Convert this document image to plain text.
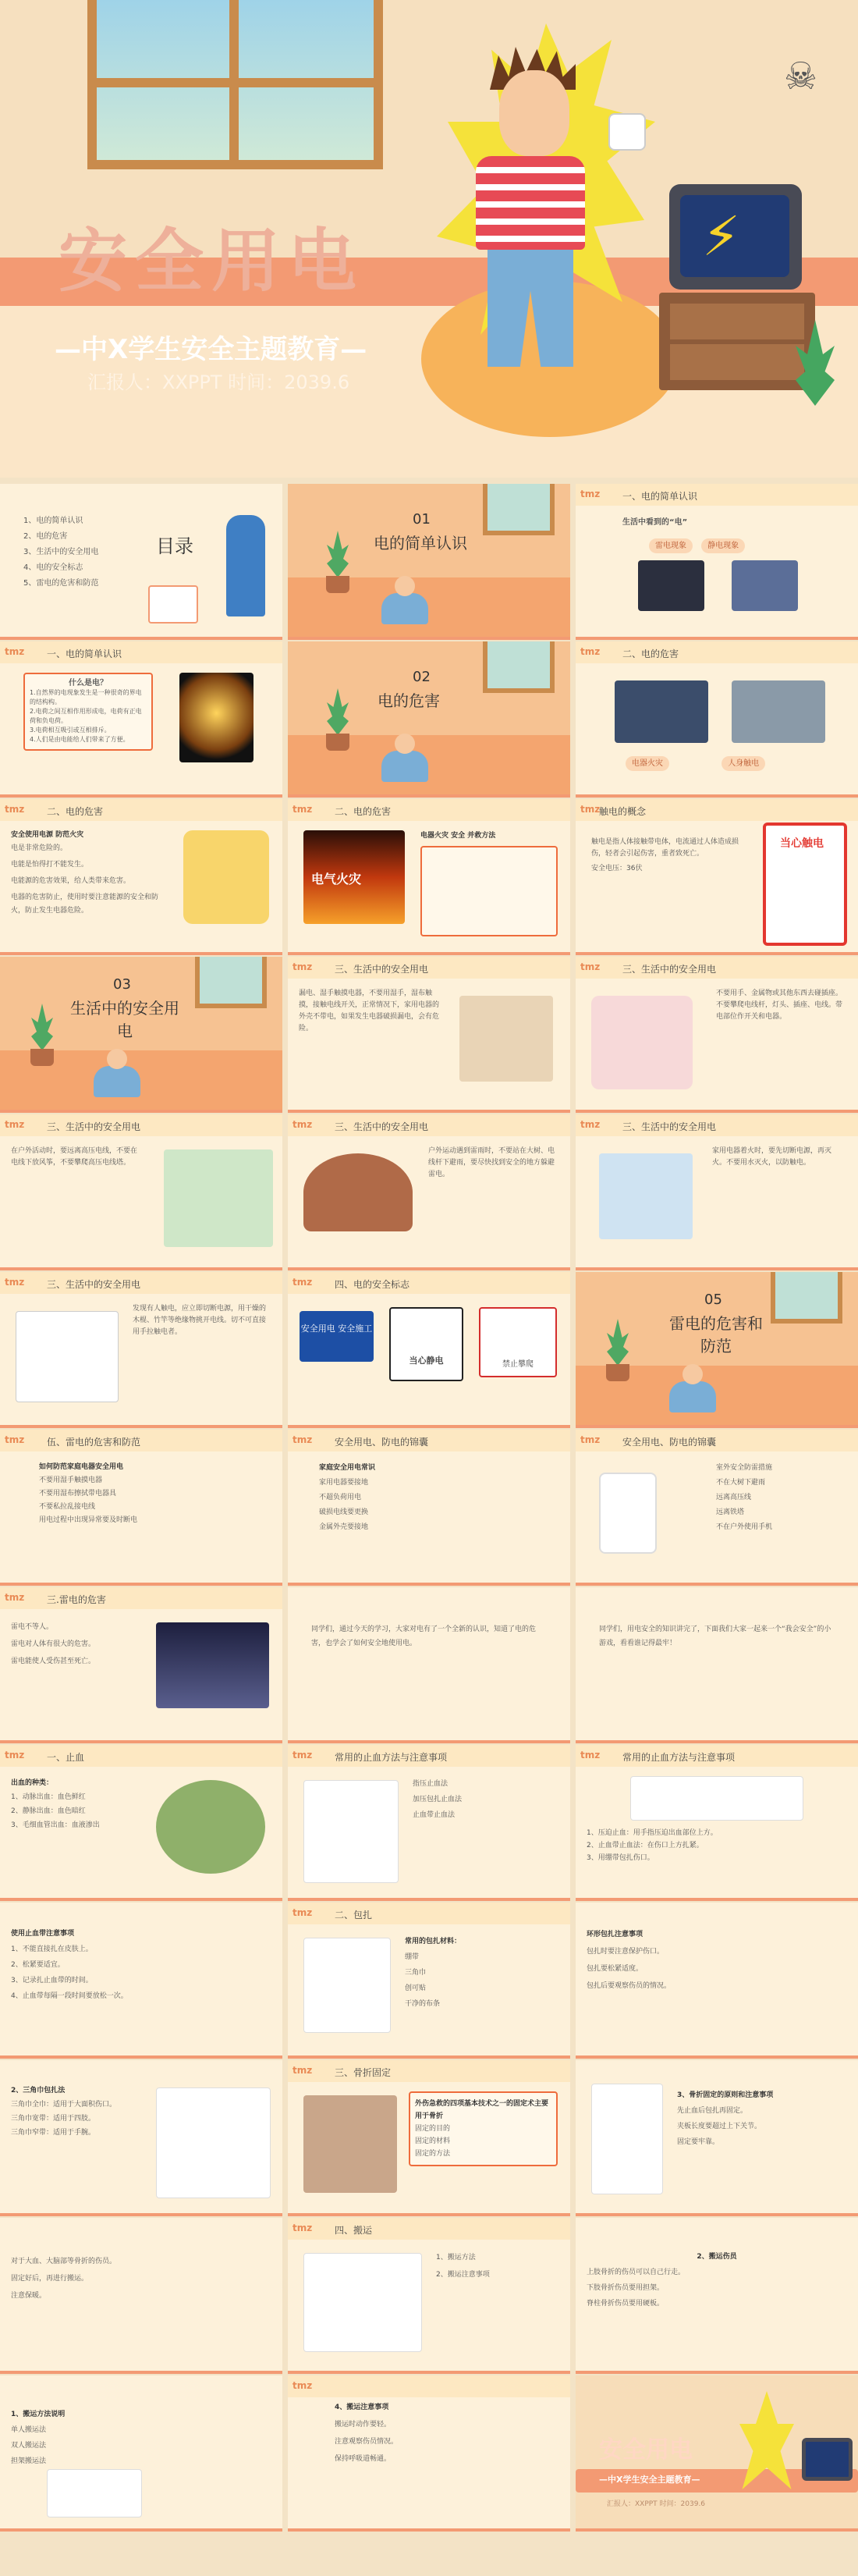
☠
⚡
安全用电
—中X学生安全主题教育—
汇报人：XXPPT 时间：2039.6
1、电的简单认识
2、电的危害
3、生活中的安全用电
4、电的安全标志
5、雷电的危害和防范
目录
01
电的简单认识
tmz 一、电的简单认识
生活中看到的“电”
雷电现象	静电现象
tmz 一、电的简单认识
什么是电？
1.自然界的电现象发生是一种很奇的界电的结构构。
2.电荷之间互相作用形成电，电荷有正电荷和负电荷。
3.电荷相互吸引或互相排斥。
4.人们是由电能给人们带来了方便。
02
电的危害
tmz 二、电的危害
电器火灾	人身触电
tmz 二、电的危害
安全使用电源 防范火灾
电是非常危险的。
电能是怕得打不能发生。
电能源的危害效果，给人类带来危害。
电器的危害防止，使用时要注意能源的安全和防火，防止发生电器危险。
tmz 二、电的危害
电气火灾
电器火灾 安全 并救方法
tmz
触电的概念
触电是指人体接触带电体，电流通过人体造成损伤，轻者会引起伤害，重者致死亡。
安全电压：36伏
当心触电
03
生活中的安全用电
tmz 三、生活中的安全用电
漏电、湿手触摸电器，不要用湿手，湿布触摸，接触电线开关，正常情况下，家用电器的外壳不带电，如果发生电器破损漏电，会有危险。
tmz 三、生活中的安全用电
不要用手、金属物或其他东西去碰插座。不要攀爬电线杆，灯头、插座、电线。带电部位作开关和电器。
tmz 三、生活中的安全用电
在户外活动时，要远离高压电线，不要在电线下放风筝，不要攀爬高压电线塔。
tmz 三、生活中的安全用电
户外运动遇到雷雨时，不要站在大树、电线杆下避雨，要尽快找到安全的地方躲避雷电。
tmz 三、生活中的安全用电
家用电器着火时，要先切断电源，再灭火。不要用水灭火，以防触电。
tmz 三、生活中的安全用电
发现有人触电，应立即切断电源，用干燥的木棍、竹竿等绝缘物挑开电线。切不可直接用手拉触电者。
tmz 四、电的安全标志
安全用电 安全施工
当心静电	禁止攀爬
05
雷电的危害和防范
tmz 伍、雷电的危害和防范
如何防范家庭电器安全用电
不要用湿手触摸电器
不要用湿布擦拭带电器具
不要私拉乱接电线
用电过程中出现异常要及时断电
tmz 安全用电、防电的锦囊
家庭安全用电常识
家用电器要接地
不超负荷用电
破损电线要更换
金属外壳要接地
tmz 安全用电、防电的锦囊
室外安全防雷措施
不在大树下避雨
远离高压线
远离铁塔
不在户外使用手机
tmz 三.雷电的危害
雷电不等人。
雷电对人体有很大的危害。
雷电能使人受伤甚至死亡。
同学们，通过今天的学习，大家对电有了一个全新的认识，知道了电的危害，也学会了如何安全地使用电。
同学们，用电安全的知识讲完了，下面我们大家一起来一个“我会安全”的小游戏，看看谁记得最牢！
tmz 一、止血
出血的种类：
1、动脉出血：血色鲜红
2、静脉出血：血色暗红
3、毛细血管出血：血液渗出
tmz 常用的止血方法与注意事项
指压止血法
加压包扎止血法
止血带止血法
tmz 常用的止血方法与注意事项
1、压迫止血：用手指压迫出血部位上方。
2、止血带止血法：在伤口上方扎紧。
3、用绷带包扎伤口。
使用止血带注意事项
1、不能直接扎在皮肤上。
2、松紧要适宜。
3、记录扎止血带的时间。
4、止血带每隔一段时间要放松一次。
tmz 二、包扎
常用的包扎材料：
绷带
三角巾
创可贴
干净的布条
环形包扎注意事项
包扎时要注意保护伤口。
包扎要松紧适度。
包扎后要观察伤员的情况。
2、三角巾包扎法
三角巾全巾：适用于大面积伤口。
三角巾宽带：适用于四肢。
三角巾窄带：适用于手腕。
tmz 三、骨折固定
外伤急救的四项基本技术之一的固定术主要用于骨折
固定的目的
固定的材料
固定的方法
3、骨折固定的原则和注意事项
先止血后包扎再固定。
夹板长度要超过上下关节。
固定要牢靠。
对于大血、大脑部等骨折的伤员。
固定好后，再进行搬运。
注意保暖。
tmz 四、搬运
1、搬运方法
2、搬运注意事项
2、搬运伤员
上肢骨折的伤员可以自己行走。
下肢骨折伤员要用担架。
脊柱骨折伤员要用硬板。
1、搬运方法说明
单人搬运法
双人搬运法
担架搬运法
tmz
4、搬运注意事项
搬运时动作要轻。
注意观察伤员情况。
保持呼吸道畅通。	安全用电
—中X学生安全主题教育—
汇报人：XXPPT 时间：2039.6
